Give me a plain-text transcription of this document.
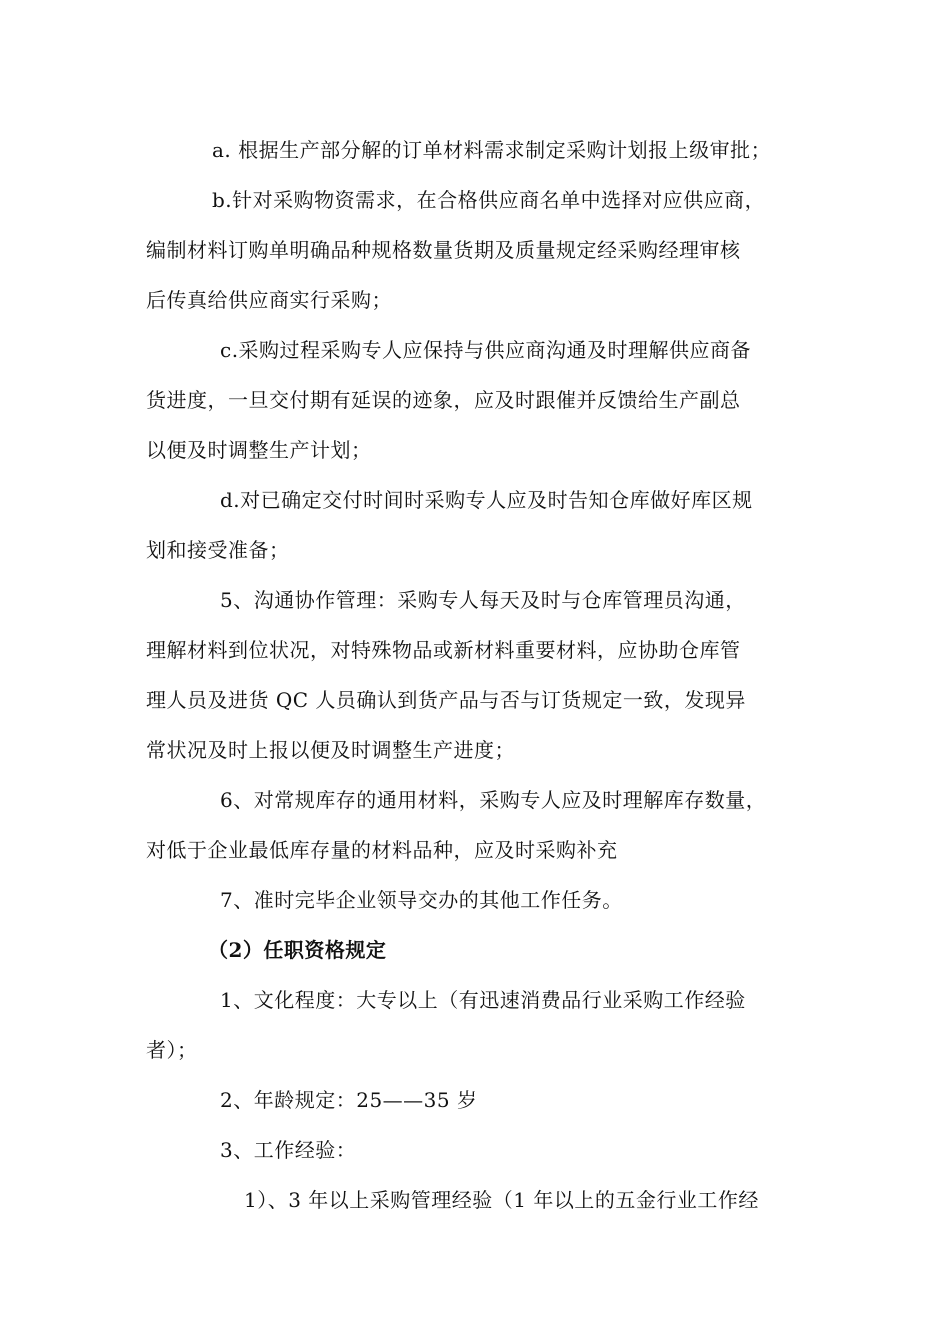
a. 根据生产部分解的订单材料需求制定采购计划报上级审批；
b.针对采购物资需求，在合格供应商名单中选择对应供应商，
编制材料订购单明确品种规格数量货期及质量规定经采购经理审核
后传真给供应商实行采购；
c.采购过程采购专人应保持与供应商沟通及时理解供应商备
货进度，一旦交付期有延误的迹象，应及时跟催并反馈给生产副总
以便及时调整生产计划；
d.对已确定交付时间时采购专人应及时告知仓库做好库区规
划和接受准备；
5、沟通协作管理：采购专人每天及时与仓库管理员沟通，
理解材料到位状况，对特殊物品或新材料重要材料，应协助仓库管
理人员及进货 QC 人员确认到货产品与否与订货规定一致，发现异
常状况及时上报以便及时调整生产进度；
6、对常规库存的通用材料，采购专人应及时理解库存数量，
对低于企业最低库存量的材料品种，应及时采购补充
7、准时完毕企业领导交办的其他工作任务。
（2）任职资格规定
1、文化程度：大专以上（有迅速消费品行业采购工作经验
者）；
2、年龄规定：25——35 岁
3、工作经验：
1）、3 年以上采购管理经验（1 年以上的五金行业工作经
